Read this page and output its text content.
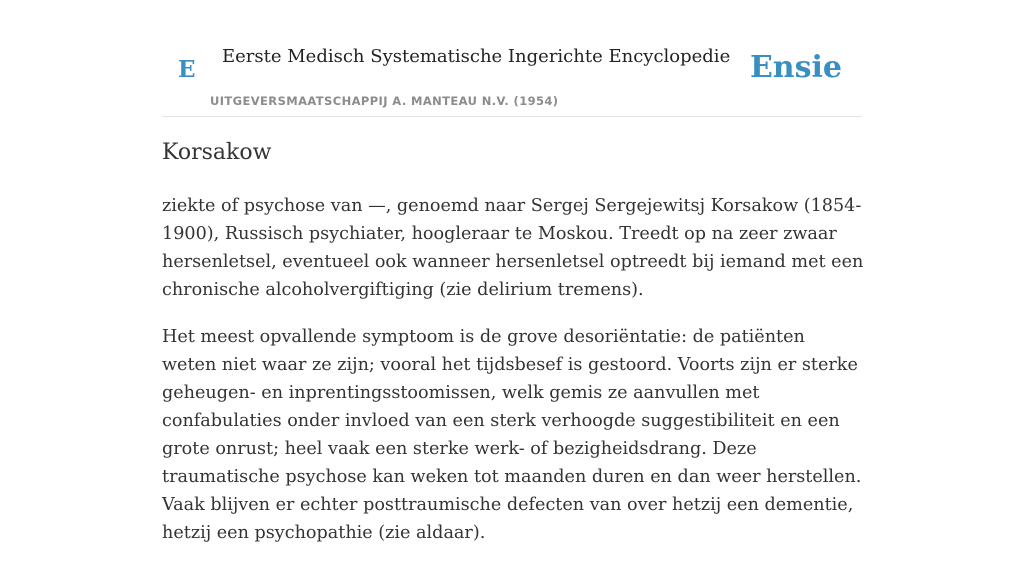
E Eerste Medisch Systematische Ingerichte Encyclopedie
UITGEVERSMAATSCHAPPIJ A. MANTEAU N.V. (1954)
Ensie
Korsakow

ziekte of psychose van —, genoemd naar Sergej Sergejewitsj Korsakow (1854-1900), Russisch psychiater, hoogleraar te Moskou. Treedt op na zeer zwaar hersenletsel, eventueel ook wanneer hersenletsel optreedt bij iemand met een chronische alcoholvergiftiging (zie delirium tremens).

Het meest opvallende symptoom is de grove desoriëntatie: de patiënten weten niet waar ze zijn; vooral het tijdsbesef is gestoord. Voorts zijn er sterke geheugen- en inprentingsstoomissen, welk gemis ze aanvullen met confabulaties onder invloed van een sterk verhoogde suggestibiliteit en een grote onrust; heel vaak een sterke werk- of bezigheidsdrang. Deze traumatische psychose kan weken tot maanden duren en dan weer herstellen. Vaak blijven er echter posttraumische defecten van over hetzij een dementie, hetzij een psychopathie (zie aldaar).
